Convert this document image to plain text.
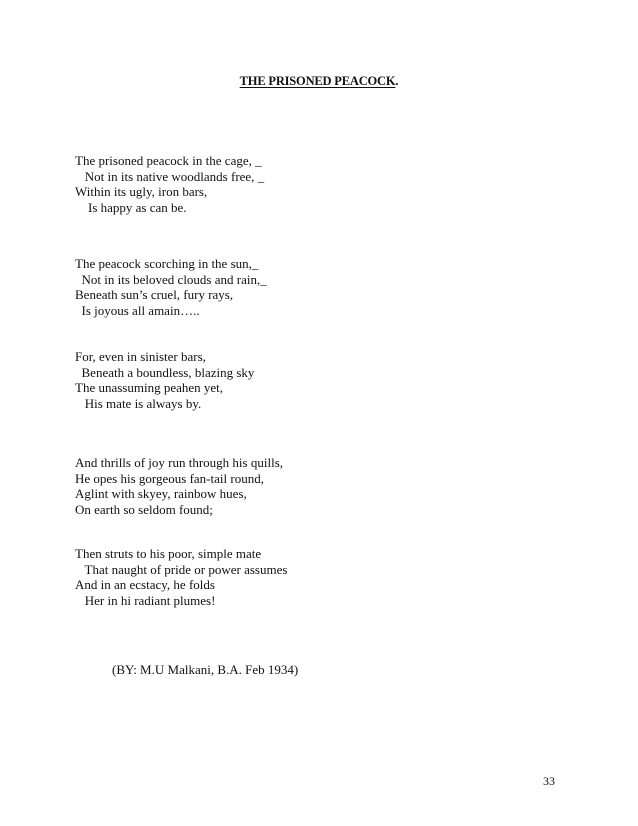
THE PRISONED PEACOCK.
The prisoned peacock in the cage, _
Not in its native woodlands free, _
Within its ugly, iron bars,
Is happy as can be.
The peacock scorching in the sun,_
Not in its beloved clouds and rain,_
Beneath sun’s cruel, fury rays,
Is joyous all amain…..
For, even in sinister bars,
Beneath a boundless, blazing sky
The unassuming peahen yet,
His mate is always by.
And thrills of joy run through his quills,
He opes his gorgeous fan-tail round,
Aglint with skyey, rainbow hues,
On earth so seldom found;
Then struts to his poor, simple mate
That naught of pride or power assumes
And in an ecstacy, he folds
Her in hi radiant plumes!
(BY: M.U Malkani, B.A. Feb 1934)
33
